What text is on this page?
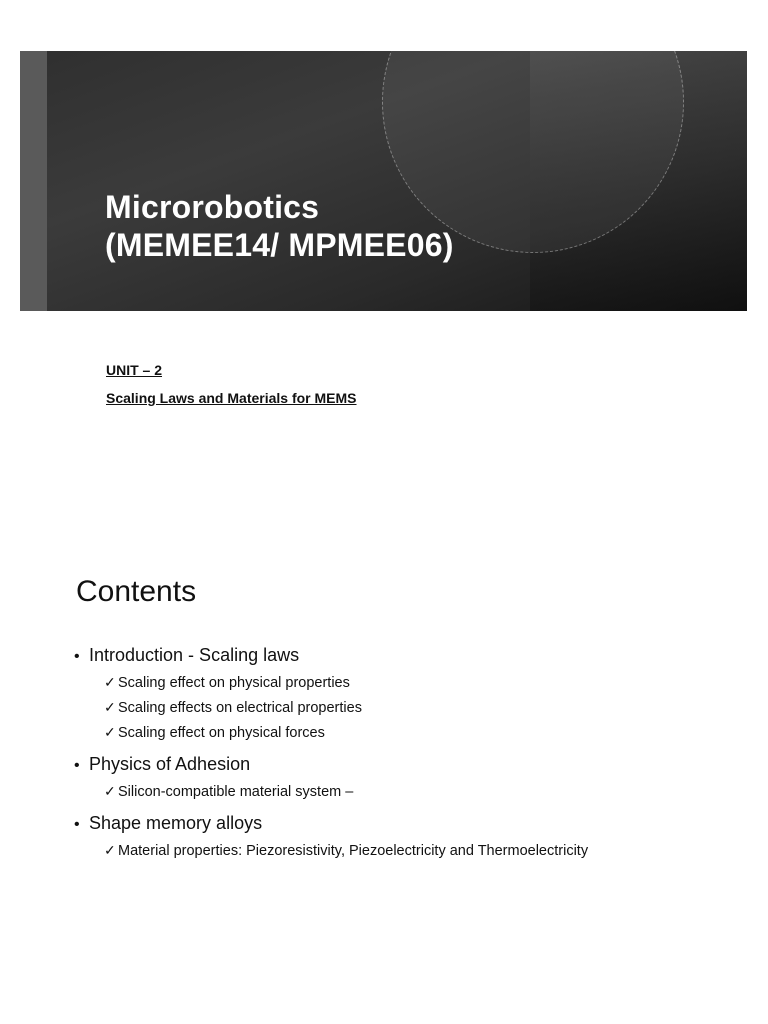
Microrobotics
(MEMEE14/ MPMEE06)
UNIT – 2
Scaling Laws and Materials for MEMS
Contents
• Introduction - Scaling laws
✓ Scaling effect on physical properties
✓ Scaling effects on electrical properties
✓ Scaling effect on physical forces
• Physics of Adhesion
✓ Silicon-compatible material system –
• Shape memory alloys
✓ Material properties: Piezoresistivity, Piezoelectricity and Thermoelectricity
